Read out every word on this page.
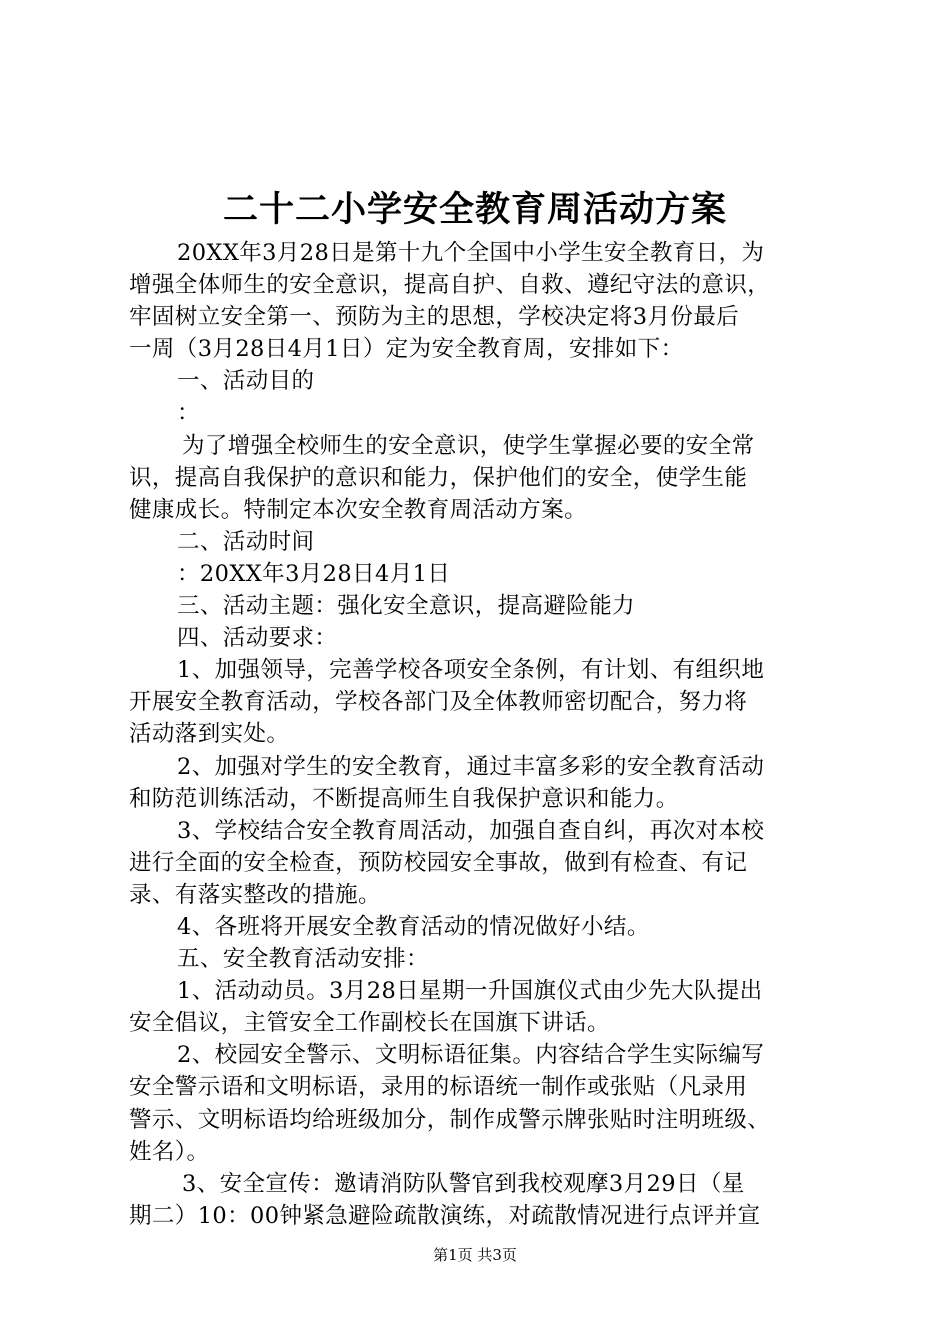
二十二小学安全教育周活动方案
20XX年3月28日是第十九个全国中小学生安全教育日，为
增强全体师生的安全意识，提高自护、自救、遵纪守法的意识，
牢固树立安全第一、预防为主的思想，学校决定将3月份最后
一周（3月28日4月1日）定为安全教育周，安排如下：
一、活动目的
：
为了增强全校师生的安全意识，使学生掌握必要的安全常
识，提高自我保护的意识和能力，保护他们的安全，使学生能
健康成长。特制定本次安全教育周活动方案。
二、活动时间
：20XX年3月28日4月1日
三、活动主题：强化安全意识，提高避险能力
四、活动要求：
1、加强领导，完善学校各项安全条例，有计划、有组织地
开展安全教育活动，学校各部门及全体教师密切配合，努力将
活动落到实处。
2、加强对学生的安全教育，通过丰富多彩的安全教育活动
和防范训练活动，不断提高师生自我保护意识和能力。
3、学校结合安全教育周活动，加强自查自纠，再次对本校
进行全面的安全检查，预防校园安全事故，做到有检查、有记
录、有落实整改的措施。
4、各班将开展安全教育活动的情况做好小结。
五、安全教育活动安排：
1、活动动员。3月28日星期一升国旗仪式由少先大队提出
安全倡议，主管安全工作副校长在国旗下讲话。
2、校园安全警示、文明标语征集。内容结合学生实际编写
安全警示语和文明标语，录用的标语统一制作或张贴（凡录用
警示、文明标语均给班级加分，制作成警示牌张贴时注明班级、
姓名）。
3、安全宣传：邀请消防队警官到我校观摩3月29日（星
期二）10：00钟紧急避险疏散演练，对疏散情况进行点评并宣
第1页 共3页
